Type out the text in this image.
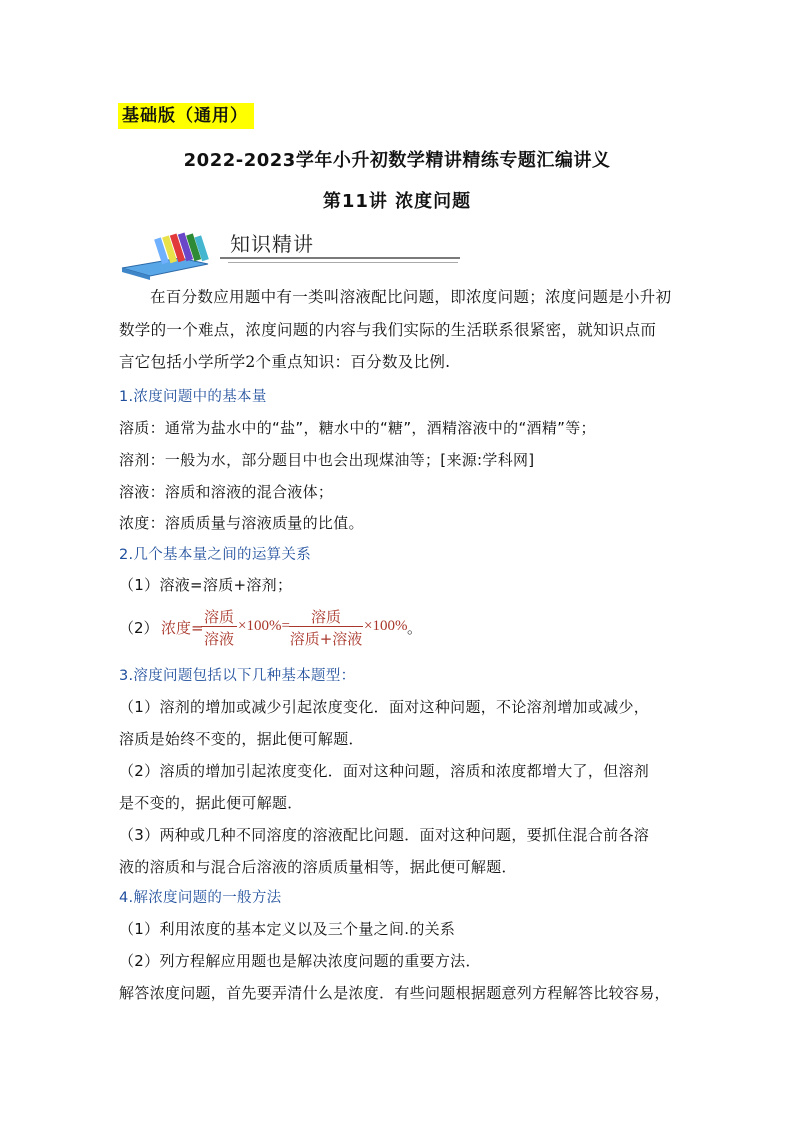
基础版（通用）
2022-2023学年小升初数学精讲精练专题汇编讲义
第11讲 浓度问题
知识精讲
在百分数应用题中有一类叫溶液配比问题，即浓度问题；浓度问题是小升初
数学的一个难点，浓度问题的内容与我们实际的生活联系很紧密，就知识点而
言它包括小学所学2个重点知识：百分数及比例.
1.浓度问题中的基本量
溶质：通常为盐水中的“盐”，糖水中的“糖”，酒精溶液中的“酒精”等；
溶剂：一般为水，部分题目中也会出现煤油等；[来源:学科网]
溶液：溶质和溶液的混合液体；
浓度：溶质质量与溶液质量的比值。
2.几个基本量之间的运算关系
（1）溶液=溶质+溶剂；
（2） 浓度=
溶质
溶液
×100%=	溶质
溶质+溶液
×100% 。
3.溶度问题包括以下几种基本题型：
（1）溶剂的增加或减少引起浓度变化．面对这种问题，不论溶剂增加或减少，
溶质是始终不变的，据此便可解题．
（2）溶质的增加引起浓度变化．面对这种问题，溶质和浓度都增大了，但溶剂
是不变的，据此便可解题．
（3）两种或几种不同溶度的溶液配比问题．面对这种问题，要抓住混合前各溶
液的溶质和与混合后溶液的溶质质量相等，据此便可解题．
4.解浓度问题的一般方法
（1）利用浓度的基本定义以及三个量之间.的关系
（2）列方程解应用题也是解决浓度问题的重要方法．
解答浓度问题，首先要弄清什么是浓度．有些问题根据题意列方程解答比较容易，
